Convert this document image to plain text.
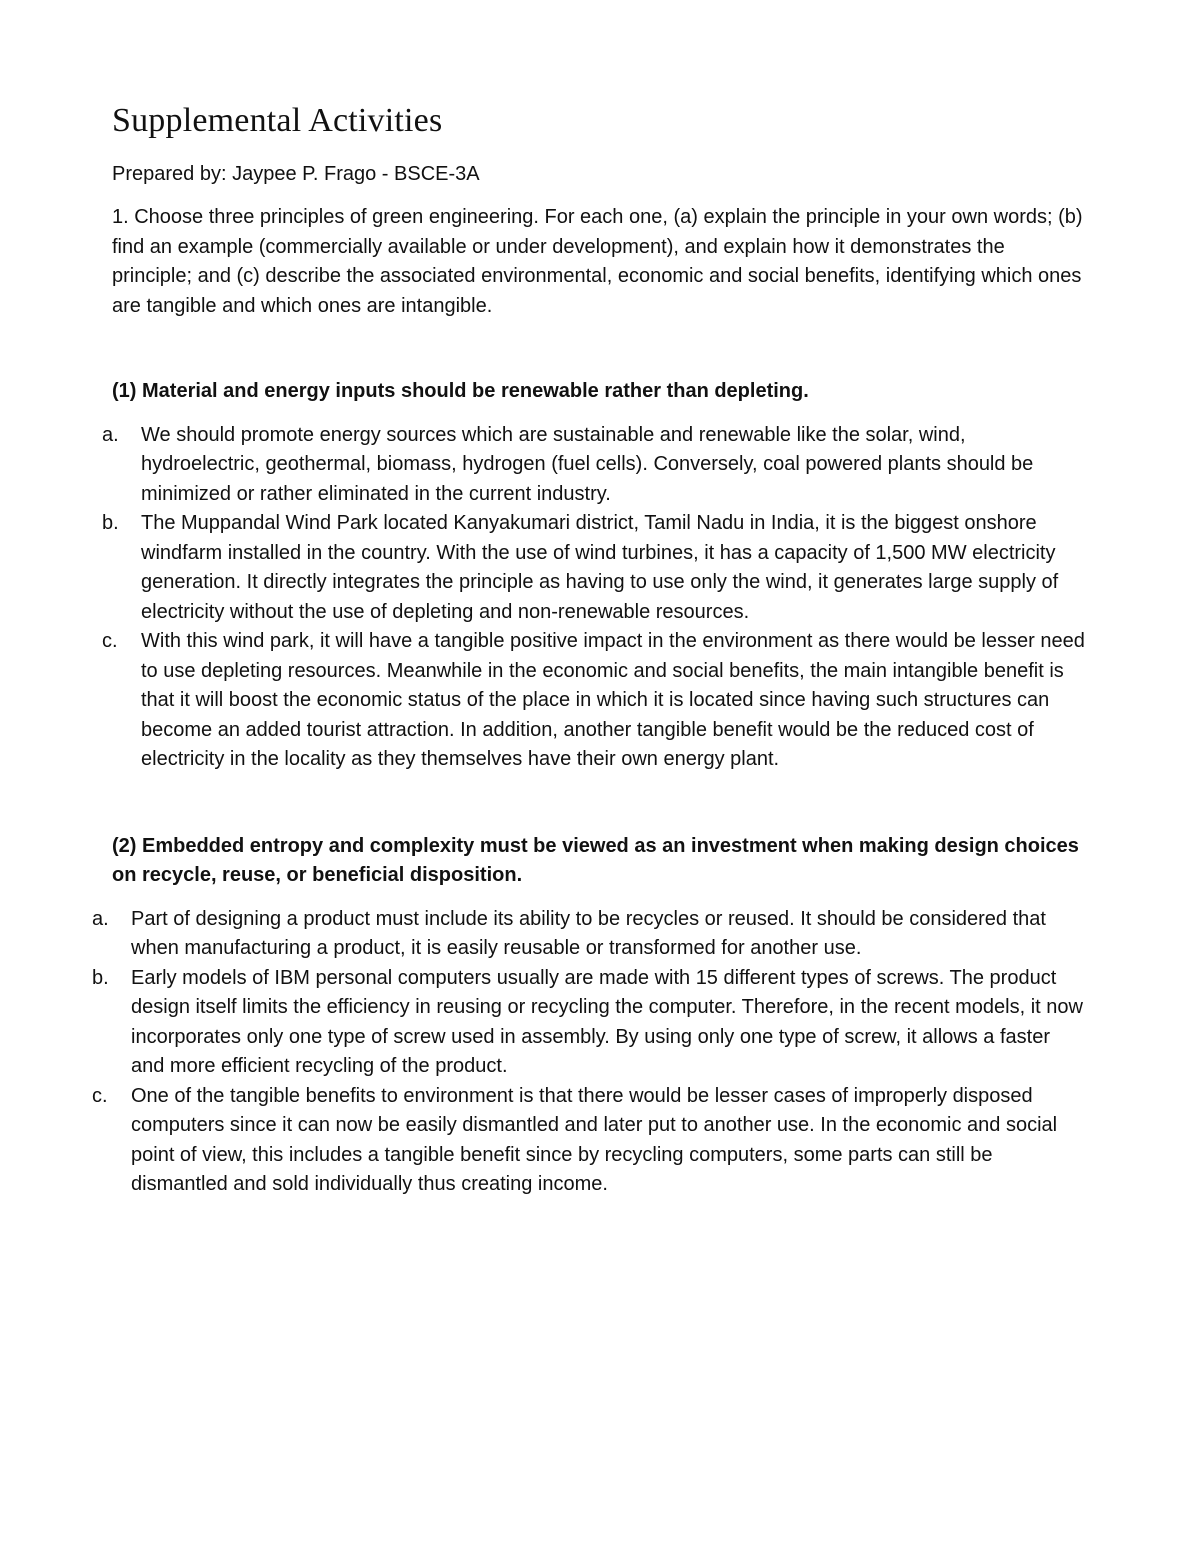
Supplemental Activities

Prepared by: Jaypee P. Frago - BSCE-3A

1. Choose three principles of green engineering. For each one, (a) explain the principle in your own words; (b) find an example (commercially available or under development), and explain how it demonstrates the principle; and (c) describe the associated environmental, economic and social benefits, identifying which ones are tangible and which ones are intangible.

(1) Material and energy inputs should be renewable rather than depleting.

a. We should promote energy sources which are sustainable and renewable like the solar, wind, hydroelectric, geothermal, biomass, hydrogen (fuel cells). Conversely, coal powered plants should be minimized or rather eliminated in the current industry.
b. The Muppandal Wind Park located Kanyakumari district, Tamil Nadu in India, it is the biggest onshore windfarm installed in the country. With the use of wind turbines, it has a capacity of 1,500 MW electricity generation. It directly integrates the principle as having to use only the wind, it generates large supply of electricity without the use of depleting and non-renewable resources.
c. With this wind park, it will have a tangible positive impact in the environment as there would be lesser need to use depleting resources. Meanwhile in the economic and social benefits, the main intangible benefit is that it will boost the economic status of the place in which it is located since having such structures can become an added tourist attraction. In addition, another tangible benefit would be the reduced cost of electricity in the locality as they themselves have their own energy plant.

(2) Embedded entropy and complexity must be viewed as an investment when making design choices on recycle, reuse, or beneficial disposition.

a. Part of designing a product must include its ability to be recycles or reused. It should be considered that when manufacturing a product, it is easily reusable or transformed for another use.
b. Early models of IBM personal computers usually are made with 15 different types of screws. The product design itself limits the efficiency in reusing or recycling the computer. Therefore, in the recent models, it now incorporates only one type of screw used in assembly. By using only one type of screw, it allows a faster and more efficient recycling of the product.
c. One of the tangible benefits to environment is that there would be lesser cases of improperly disposed computers since it can now be easily dismantled and later put to another use. In the economic and social point of view, this includes a tangible benefit since by recycling computers, some parts can still be dismantled and sold individually thus creating income.
